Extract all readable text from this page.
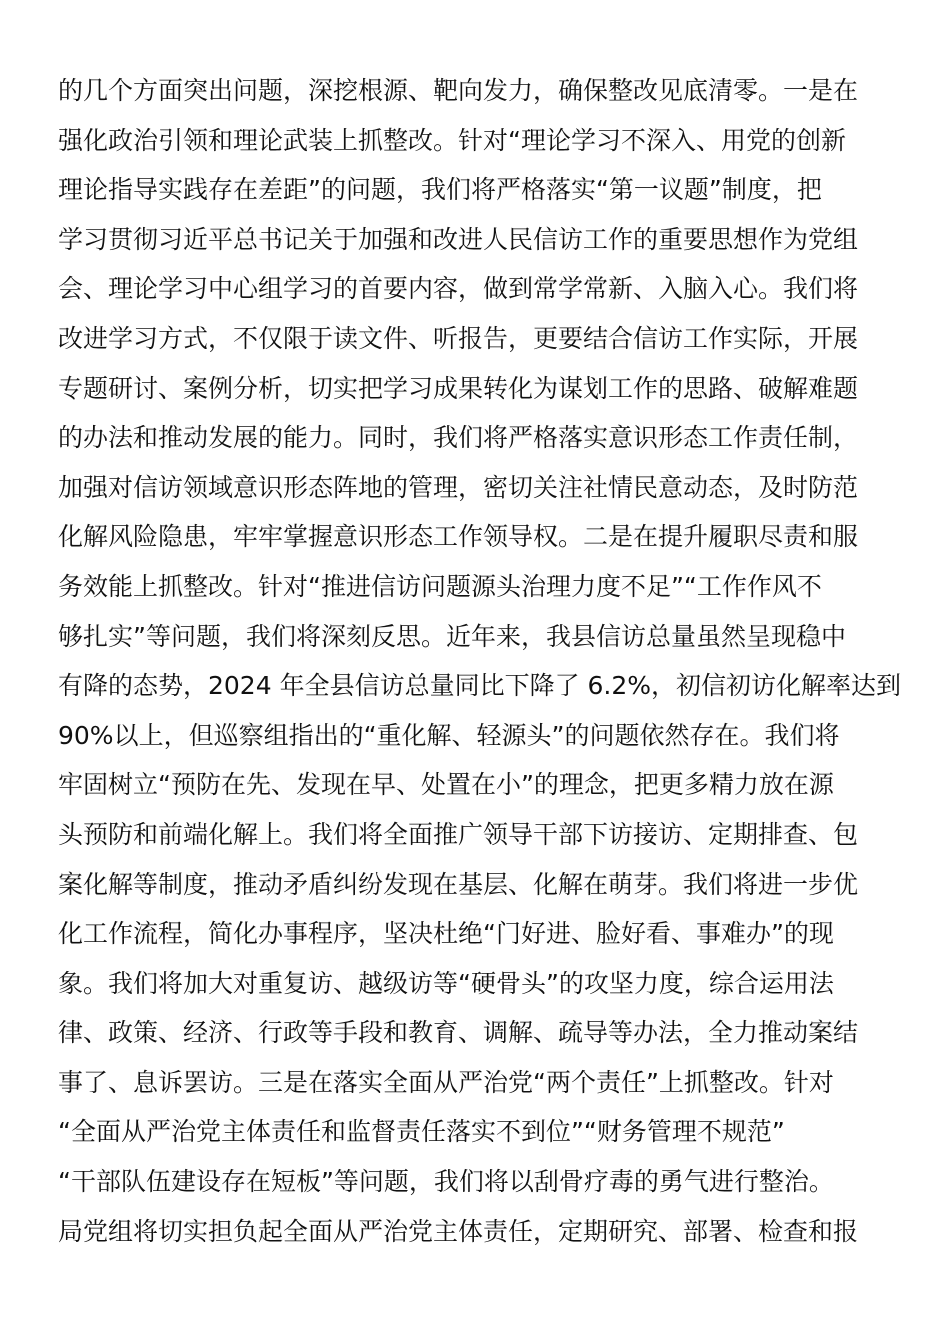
的几个方面突出问题，深挖根源、靶向发力，确保整改见底清零。一是在
强化政治引领和理论武装上抓整改。针对“理论学习不深入、用党的创新
理论指导实践存在差距”的问题，我们将严格落实“第一议题”制度，把
学习贯彻习近平总书记关于加强和改进人民信访工作的重要思想作为党组
会、理论学习中心组学习的首要内容，做到常学常新、入脑入心。我们将
改进学习方式，不仅限于读文件、听报告，更要结合信访工作实际，开展
专题研讨、案例分析，切实把学习成果转化为谋划工作的思路、破解难题
的办法和推动发展的能力。同时，我们将严格落实意识形态工作责任制，
加强对信访领域意识形态阵地的管理，密切关注社情民意动态，及时防范
化解风险隐患，牢牢掌握意识形态工作领导权。二是在提升履职尽责和服
务效能上抓整改。针对“推进信访问题源头治理力度不足”“工作作风不
够扎实”等问题，我们将深刻反思。近年来，我县信访总量虽然呈现稳中
有降的态势，2024 年全县信访总量同比下降了 6.2%，初信初访化解率达到
90%以上，但巡察组指出的“重化解、轻源头”的问题依然存在。我们将
牢固树立“预防在先、发现在早、处置在小”的理念，把更多精力放在源
头预防和前端化解上。我们将全面推广领导干部下访接访、定期排查、包
案化解等制度，推动矛盾纠纷发现在基层、化解在萌芽。我们将进一步优
化工作流程，简化办事程序，坚决杜绝“门好进、脸好看、事难办”的现
象。我们将加大对重复访、越级访等“硬骨头”的攻坚力度，综合运用法
律、政策、经济、行政等手段和教育、调解、疏导等办法，全力推动案结
事了、息诉罢访。三是在落实全面从严治党“两个责任”上抓整改。针对
“全面从严治党主体责任和监督责任落实不到位”“财务管理不规范”
“干部队伍建设存在短板”等问题，我们将以刮骨疗毒的勇气进行整治。
局党组将切实担负起全面从严治党主体责任，定期研究、部署、检查和报
